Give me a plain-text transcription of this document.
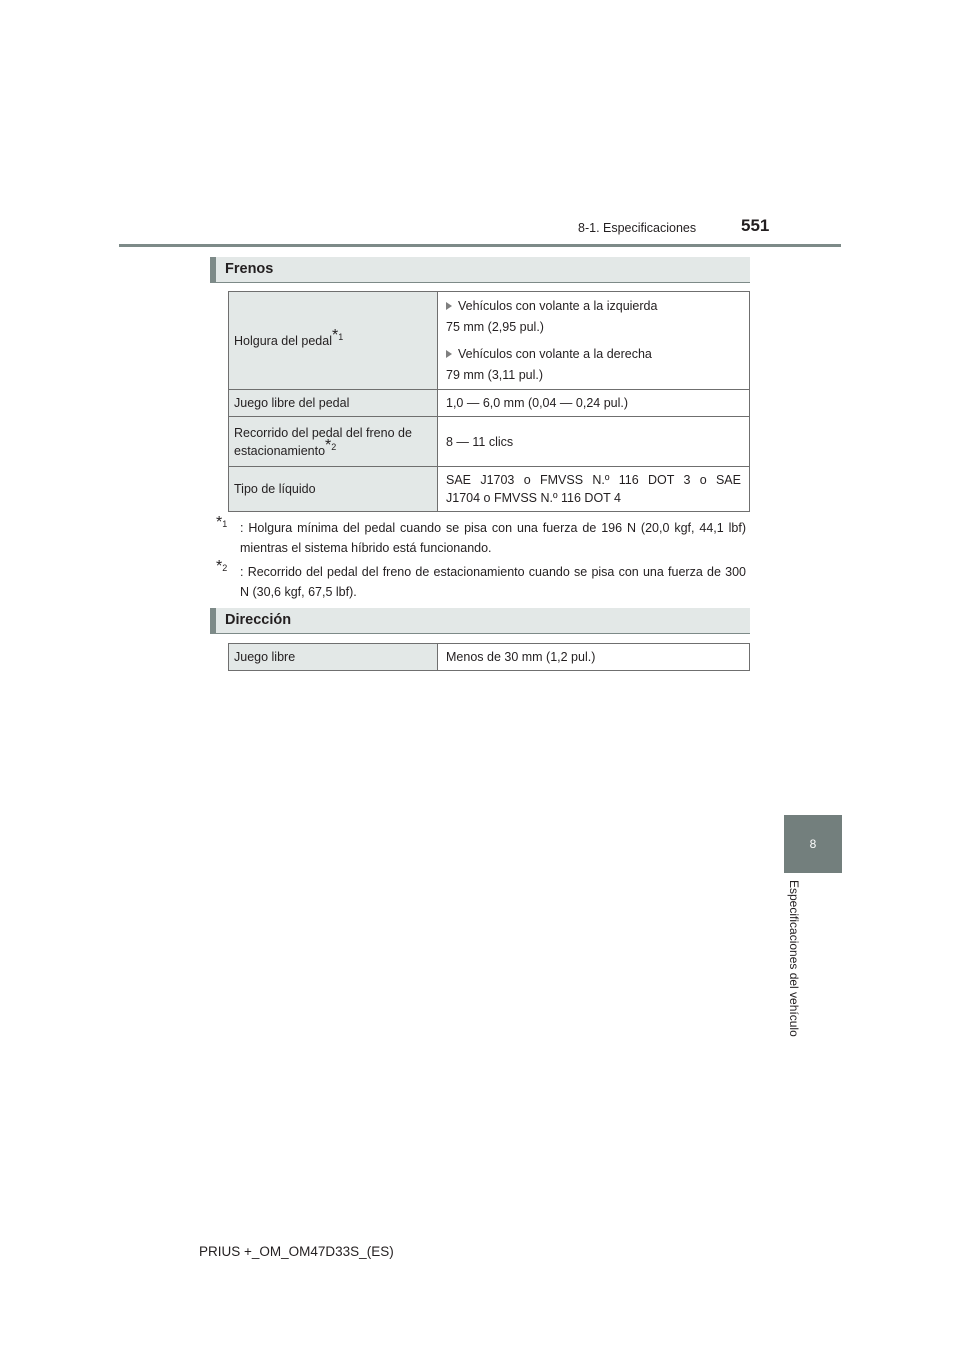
8-1. Especificaciones	551
8
Especificaciones del vehículo
Frenos
Holgura del pedal$^{*1}$	Vehículos con volante a la izquierda
75 mm (2,95 pul.)
Vehículos con volante a la derecha
79 mm (3,11 pul.)

Juego libre del pedal	1,0 — 6,0 mm (0,04 — 0,24 pul.)

Recorrido del pedal del freno de
estacionamiento$^{*2}$	8 — 11 clics
Tipo de líquido	SAE J1703 o FMVSS N.º 116 DOT 3 o SAE
J1704 o FMVSS N.º 116 DOT 4
$^{*1}$	: Holgura mínima del pedal cuando se pisa con una fuerza de 196 N (20,0 kgf, 44,1 lbf) mientras el sistema híbrido está funcionando.
$^{*2}$	: Recorrido del pedal del freno de estacionamiento cuando se pisa con una fuerza de 300 N (30,6 kgf, 67,5 lbf).
Dirección
Juego libre	Menos de 30 mm (1,2 pul.)
PRIUS +_OM_OM47D33S_(ES)
